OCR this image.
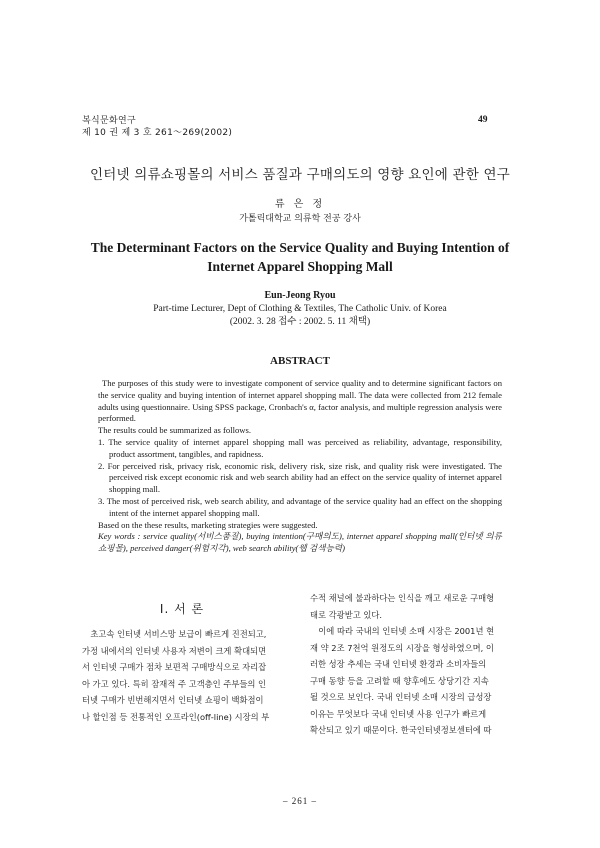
복식문화연구
제 10 권 제 3 호 261～269(2002)
49
인터넷 의류쇼핑몰의 서비스 품질과 구매의도의 영향 요인에 관한 연구
류 은 정
가톨릭대학교 의류학 전공 강사
The Determinant Factors on the Service Quality and Buying Intention of
Internet Apparel Shopping Mall
Eun-Jeong Ryou
Part-time Lecturer, Dept of Clothing & Textiles, The Catholic Univ. of Korea
(2002. 3. 28 접수 : 2002. 5. 11 채택)
ABSTRACT

The purposes of this study were to investigate component of service quality and to determine significant factors on the service quality and buying intention of internet apparel shopping mall. The data were collected from 212 female adults using questionnaire. Using SPSS package, Cronbach's α, factor analysis, and multiple regression analysis were performed.

The results could be summarized as follows.

1. The service quality of internet apparel shopping mall was perceived as reliability, advantage, responsibility, product assortment, tangibles, and rapidness.

2. For perceived risk, privacy risk, economic risk, delivery risk, size risk, and quality risk were investigated. The perceived risk except economic risk and web search ability had an effect on the service quality of internet apparel shopping mall.

3. The most of perceived risk, web search ability, and advantage of the service quality had an effect on the shopping intent of the internet apparel shopping mall.

Based on the these results, marketing strategies were suggested.

Key words : service quality(서비스품질), buying intention(구매의도), internet apparel shopping mall(인터넷 의류 쇼핑몰), perceived danger(위험지각), web search ability(웹 검색능력)

Ⅰ. 서 론
　초고속 인터넷 서비스망 보급이 빠르게 진전되고,
가정 내에서의 인터넷 사용자 저변이 크게 확대되면
서 인터넷 구매가 점차 보편적 구매방식으로 자리잡
아 가고 있다. 특히 잠재적 주 고객층인 주부들의 인
터넷 구매가 빈번해지면서 인터넷 쇼핑이 백화점이
나 할인점 등 전통적인 오프라인(off-line) 시장의 부
수적 채널에 불과하다는 인식을 깨고 새로운 구매형
태로 각광받고 있다.
　이에 따라 국내의 인터넷 소매 시장은 2001년 현
재 약 2조 7천억 원정도의 시장을 형성하였으며, 이
러한 성장 추세는 국내 인터넷 환경과 소비자들의
구매 동향 등을 고려할 때 향후에도 상당기간 지속
될 것으로 보인다. 국내 인터넷 소매 시장의 급성장
이유는 무엇보다 국내 인터넷 사용 인구가 빠르게
확산되고 있기 때문이다. 한국인터넷정보센터에 따
– 261 –
